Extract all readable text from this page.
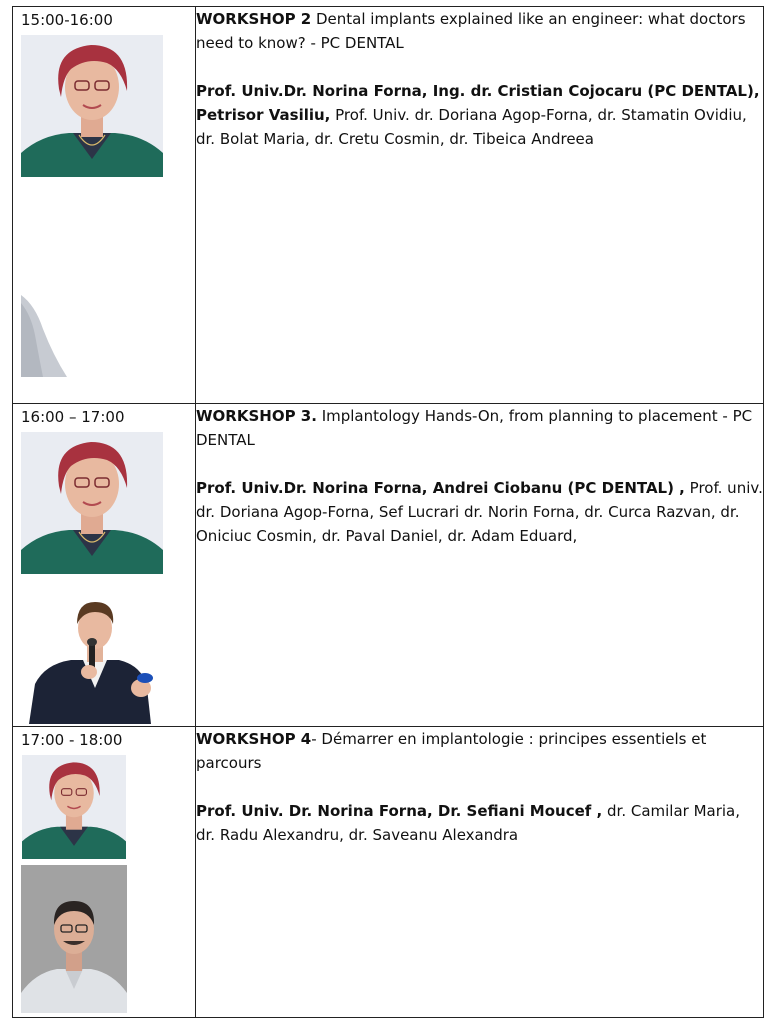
15:00-16:00	WORKSHOP 2 Dental implants explained like an engineer: what doctors need to know? - PC DENTAL

Prof. Univ.Dr. Norina Forna, Ing. dr. Cristian Cojocaru (PC DENTAL), Petrisor Vasiliu, Prof. Univ. dr. Doriana Agop-Forna, dr. Stamatin Ovidiu, dr. Bolat Maria, dr. Cretu Cosmin, dr. Tibeica Andreea

16:00 – 17:00	WORKSHOP 3. Implantology Hands-On, from planning to placement - PC DENTAL

Prof. Univ.Dr. Norina Forna, Andrei Ciobanu (PC DENTAL) , Prof. univ. dr. Doriana Agop-Forna, Sef Lucrari dr. Norin Forna, dr. Curca Razvan, dr. Oniciuc Cosmin, dr. Paval Daniel, dr. Adam Eduard,

17:00 - 18:00	WORKSHOP 4- Démarrer en implantologie : principes essentiels et parcours

Prof. Univ. Dr. Norina Forna, Dr. Sefiani Moucef , dr. Camilar Maria, dr. Radu Alexandru, dr. Saveanu Alexandra
